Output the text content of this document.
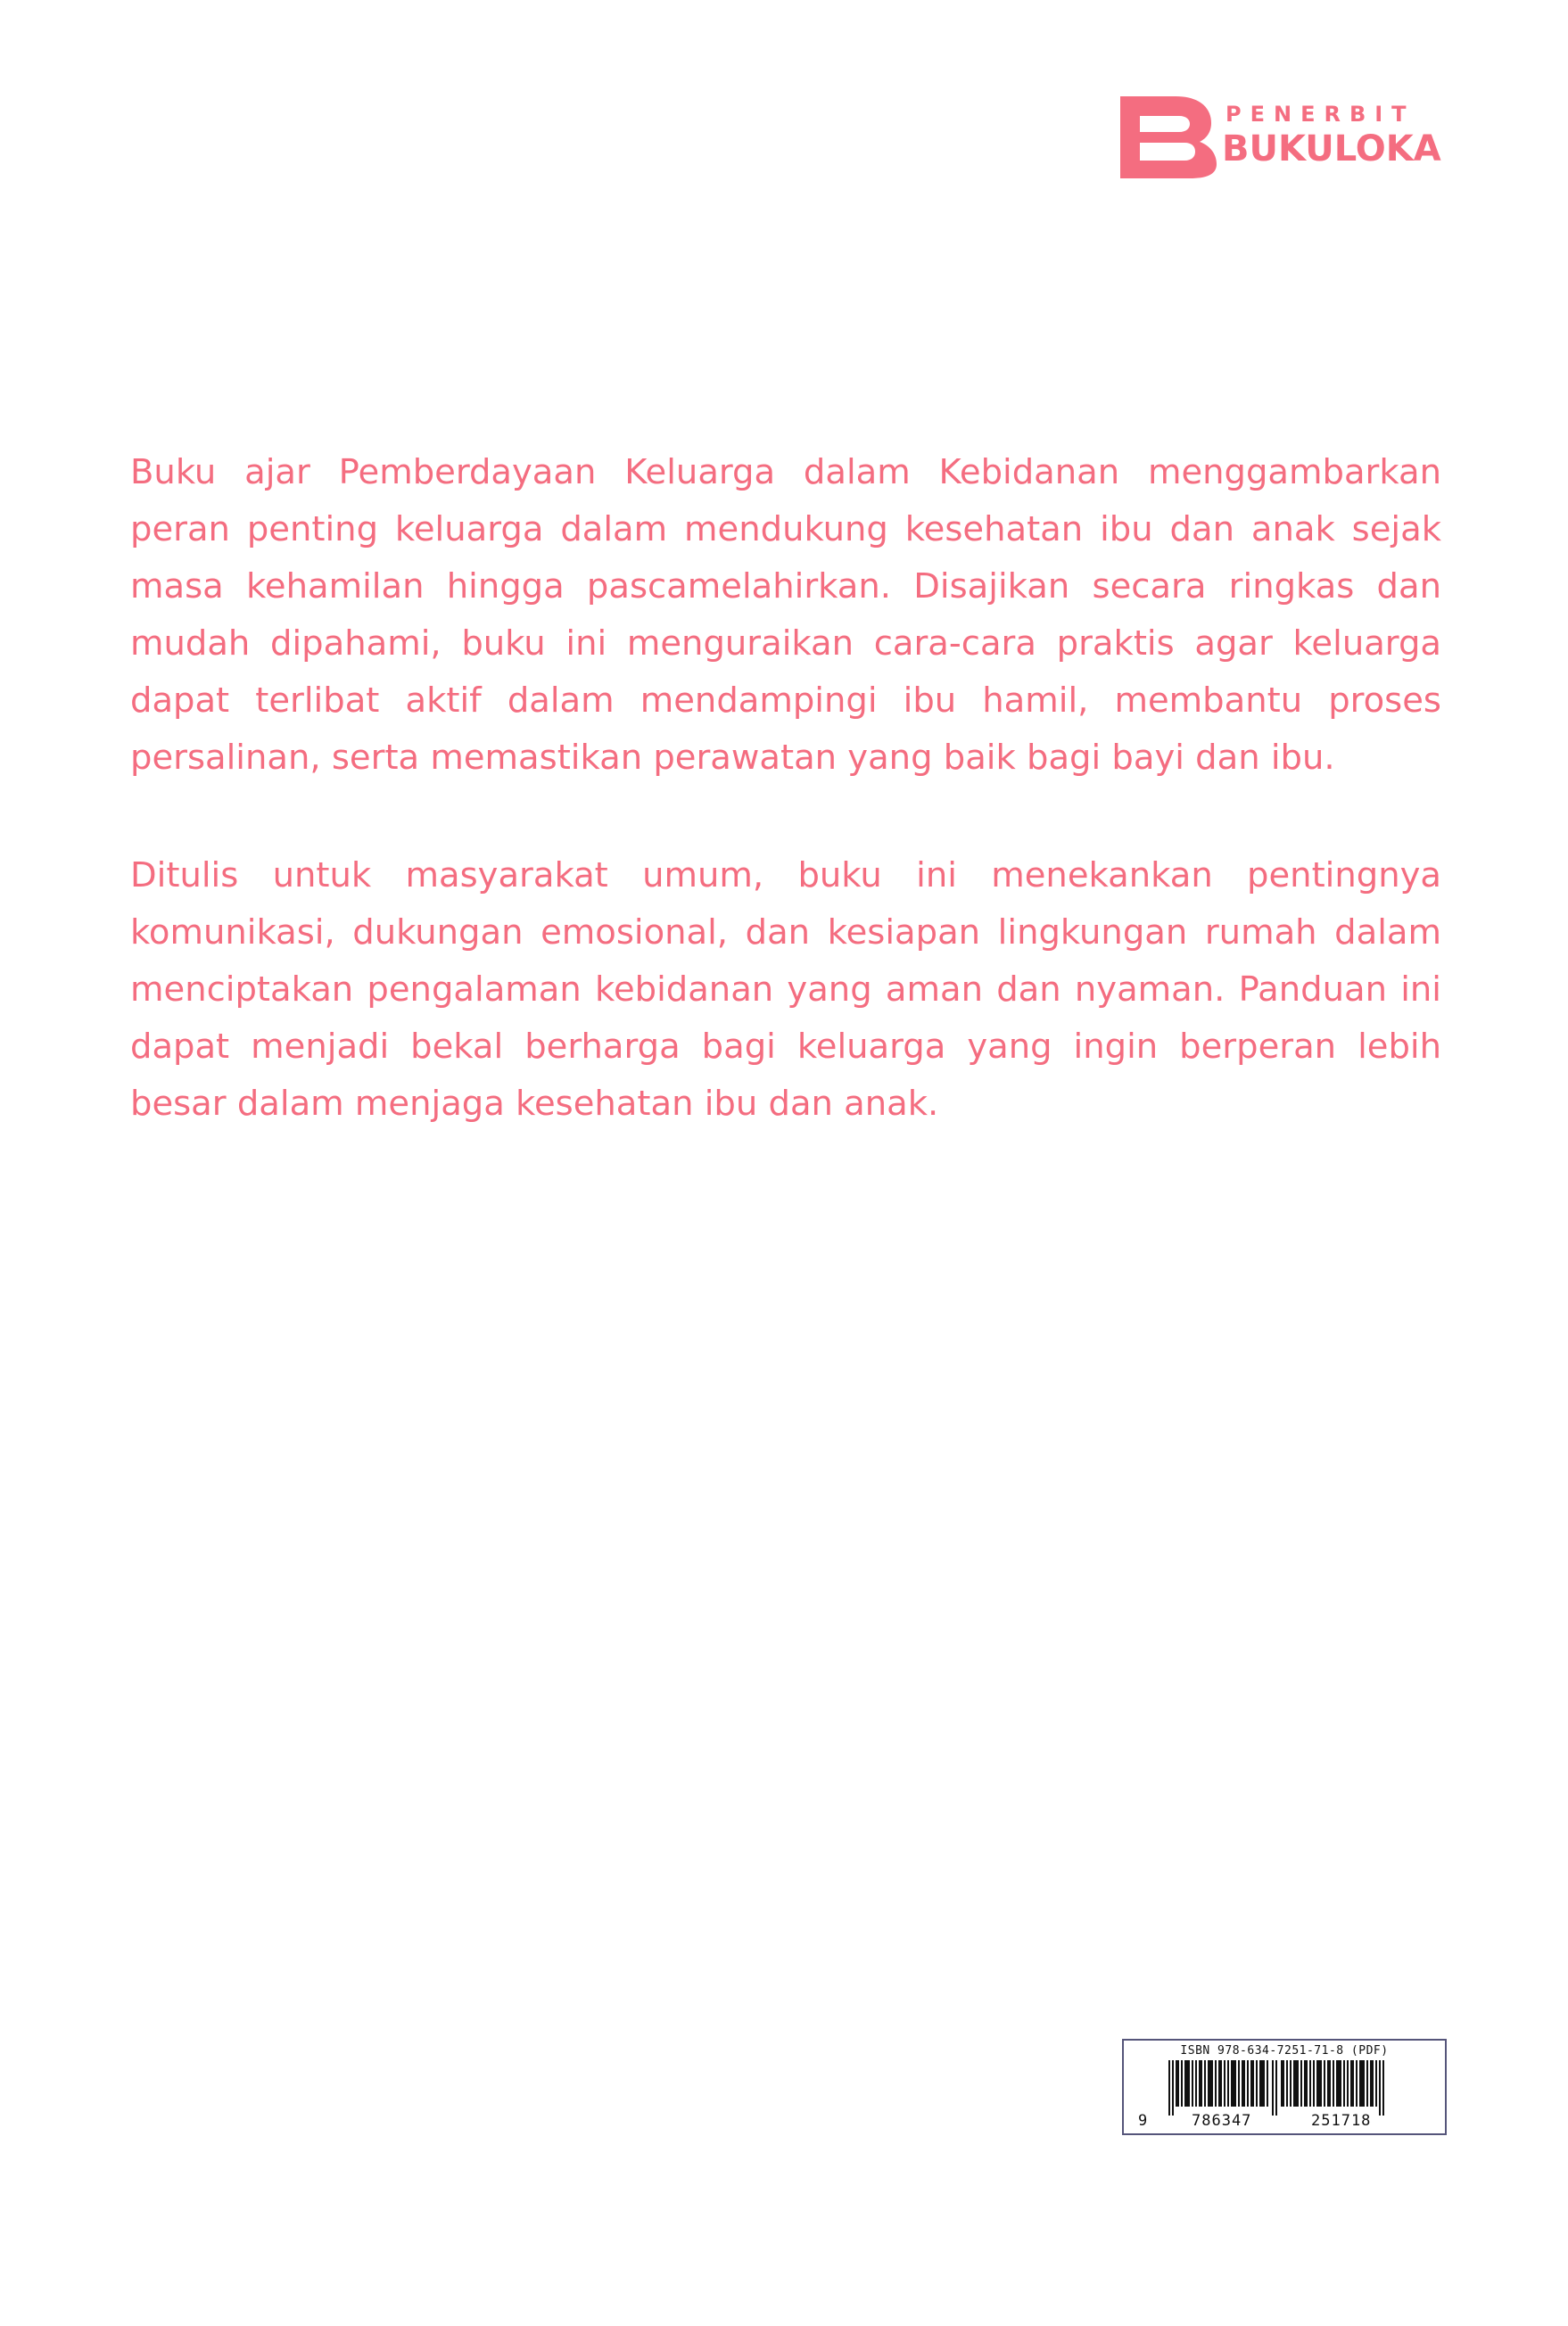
PENERBIT
BUKULOKA

Buku ajar Pemberdayaan Keluarga dalam Kebidanan menggambarkan peran penting keluarga dalam mendukung kesehatan ibu dan anak sejak masa kehamilan hingga pascamelahirkan. Disajikan secara ringkas dan mudah dipahami, buku ini menguraikan cara-cara praktis agar keluarga dapat terlibat aktif dalam mendampingi ibu hamil, membantu proses persalinan, serta memastikan perawatan yang baik bagi bayi dan ibu.

Ditulis untuk masyarakat umum, buku ini menekankan pentingnya komunikasi, dukungan emosional, dan kesiapan lingkungan rumah dalam menciptakan pengalaman kebidanan yang aman dan nyaman. Panduan ini dapat menjadi bekal berharga bagi keluarga yang ingin berperan lebih besar dalam menjaga kesehatan ibu dan anak.

ISBN 978-634-7251-71-8 (PDF)
9	786347	251718
